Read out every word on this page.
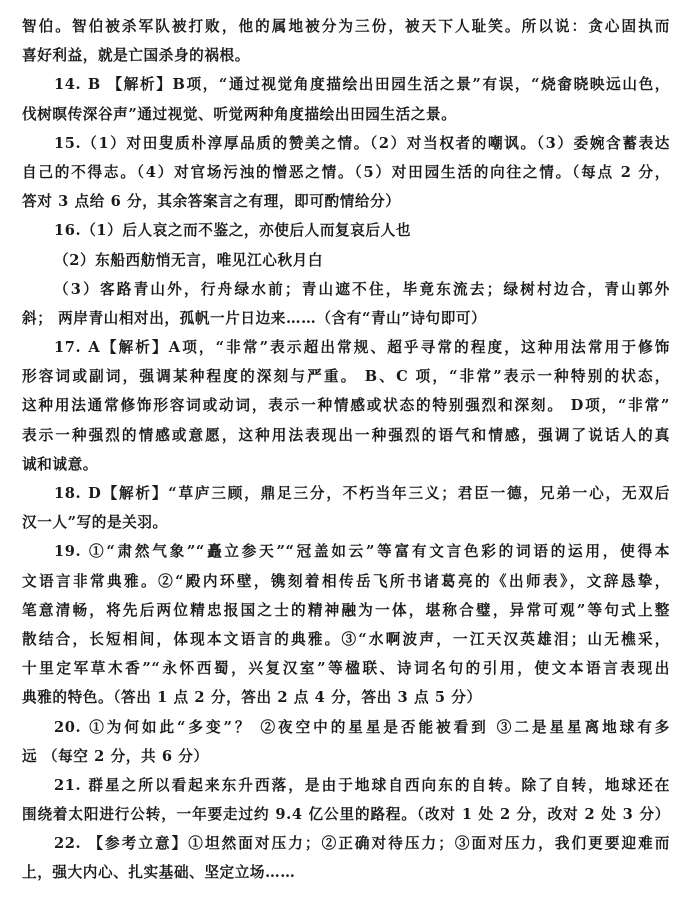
智伯。智伯被杀军队被打败，他的属地被分为三份，被天下人耻笑。所以说：贪心固执而
喜好利益，就是亡国杀身的祸根。
14. B 【解析】B项，“通过视觉角度描绘出田园生活之景”有误，“烧畲晓映远山色，
伐树暝传深谷声”通过视觉、听觉两种角度描绘出田园生活之景。
15.（1）对田叟质朴淳厚品质的赞美之情。（2）对当权者的嘲讽。（3）委婉含蓄表达
自己的不得志。（4）对官场污浊的憎恶之情。（5）对田园生活的向往之情。（每点 2 分，
答对 3 点给 6 分，其余答案言之有理，即可酌情给分）
16.（1）后人哀之而不鉴之，亦使后人而复哀后人也
（2）东船西舫悄无言，唯见江心秋月白
（3）客路青山外，行舟绿水前；青山遮不住，毕竟东流去；绿树村边合，青山郭外
斜； 两岸青山相对出，孤帆一片日边来……（含有“青山”诗句即可）
17. A【解析】A项，“非常”表示超出常规、超乎寻常的程度，这种用法常用于修饰
形容词或副词，强调某种程度的深刻与严重。 B、C 项，“非常”表示一种特别的状态，
这种用法通常修饰形容词或动词，表示一种情感或状态的特别强烈和深刻。 D项，“非常”
表示一种强烈的情感或意愿，这种用法表现出一种强烈的语气和情感，强调了说话人的真
诚和诚意。
18. D【解析】“草庐三顾，鼎足三分，不朽当年三义；君臣一德，兄弟一心，无双后
汉一人”写的是关羽。
19. ①“肃然气象”“矗立参天”“冠盖如云”等富有文言色彩的词语的运用，使得本
文语言非常典雅。②“殿内环壁，镌刻着相传岳飞所书诸葛亮的《出师表》，文辞恳挚，
笔意清畅，将先后两位精忠报国之士的精神融为一体，堪称合璧，异常可观”等句式上整
散结合，长短相间，体现本文语言的典雅。③“水啊波声，一江天汉英雄泪；山无樵采，
十里定军草木香”“永怀西蜀，兴复汉室”等楹联、诗词名句的引用，使文本语言表现出
典雅的特色。（答出 1 点 2 分，答出 2 点 4 分，答出 3 点 5 分）
20. ①为何如此“多变”？ ②夜空中的星星是否能被看到 ③二是星星离地球有多
远 （每空 2 分，共 6 分）
21. 群星之所以看起来东升西落，是由于地球自西向东的自转。除了自转，地球还在
围绕着太阳进行公转，一年要走过约 9.4 亿公里的路程。（改对 1 处 2 分，改对 2 处 3 分）
22. 【参考立意】①坦然面对压力；②正确对待压力；③面对压力，我们更要迎难而
上，强大内心、扎实基础、坚定立场……
